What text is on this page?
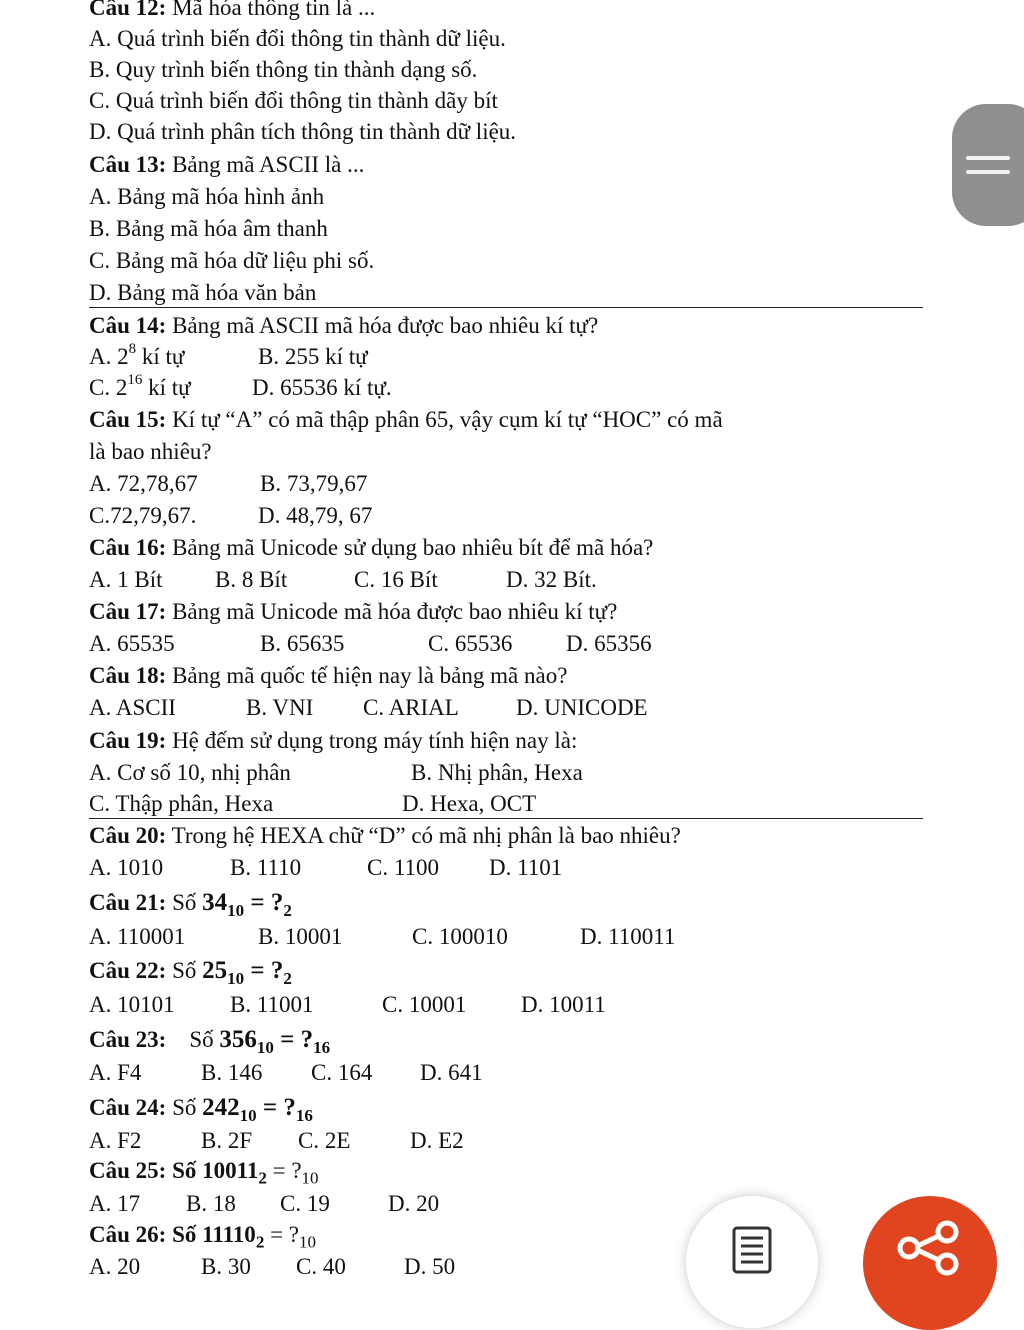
Câu 12: Mã hóa thông tin là ...
A. Quá trình biến đổi thông tin thành dữ liệu.
B. Quy trình biến thông tin thành dạng số.
C. Quá trình biến đổi thông tin thành dãy bít
D. Quá trình phân tích thông tin thành dữ liệu.
Câu 13: Bảng mã ASCII là ...
A. Bảng mã hóa hình ảnh
B. Bảng mã hóa âm thanh
C. Bảng mã hóa dữ liệu phi số.
D. Bảng mã hóa văn bản
Câu 14: Bảng mã ASCII mã hóa được bao nhiêu kí tự?
A. $2^8$ kí tự	B. 255 kí tự
C. $2^{16}$ kí tự	D. 65536 kí tự.
Câu 15: Kí tự “A” có mã thập phân 65, vậy cụm kí tự “HOC” có mã
là bao nhiêu?
A. 72,78,67	B. 73,79,67
C.72,79,67.	D. 48,79, 67
Câu 16: Bảng mã Unicode sử dụng bao nhiêu bít để mã hóa?
A. 1 Bít B. 8 Bít	C. 16 Bít	D. 32 Bít.
Câu 17: Bảng mã Unicode mã hóa được bao nhiêu kí tự?
A. 65535	B. 65635	C. 65536 D. 65356
Câu 18: Bảng mã quốc tế hiện nay là bảng mã nào?
A. ASCII	B. VNI C. ARIAL D. UNICODE
Câu 19: Hệ đếm sử dụng trong máy tính hiện nay là:
A. Cơ số 10, nhị phân	B. Nhị phân, Hexa
C. Thập phân, Hexa	D. Hexa, OCT
Câu 20: Trong hệ HEXA chữ “D” có mã nhị phân là bao nhiêu?
A. 1010	B. 1110	C. 1100 D. 1101
Câu 21: Số $34_{10}$ = $?_2$
A. 110001	B. 10001	C. 100010	D. 110011
Câu 22: Số $25_{10}$ = $?_2$
A. 10101 B. 11001	C. 10001 D. 10011
Câu 23:    Số $356_{10}$ = $?_{16}$
A. F4	B. 146 C. 164 D. 641
Câu 24: Số $242_{10}$ = $?_{16}$
A. F2	B. 2F C. 2E	D. E2
Câu 25: Số $10011_2$ = $?_{10}$
A. 17 B. 18 C. 19	D. 20
Câu 26: Số $11110_2$ = $?_{10}$
A. 20	B. 30 C. 40	D. 50
